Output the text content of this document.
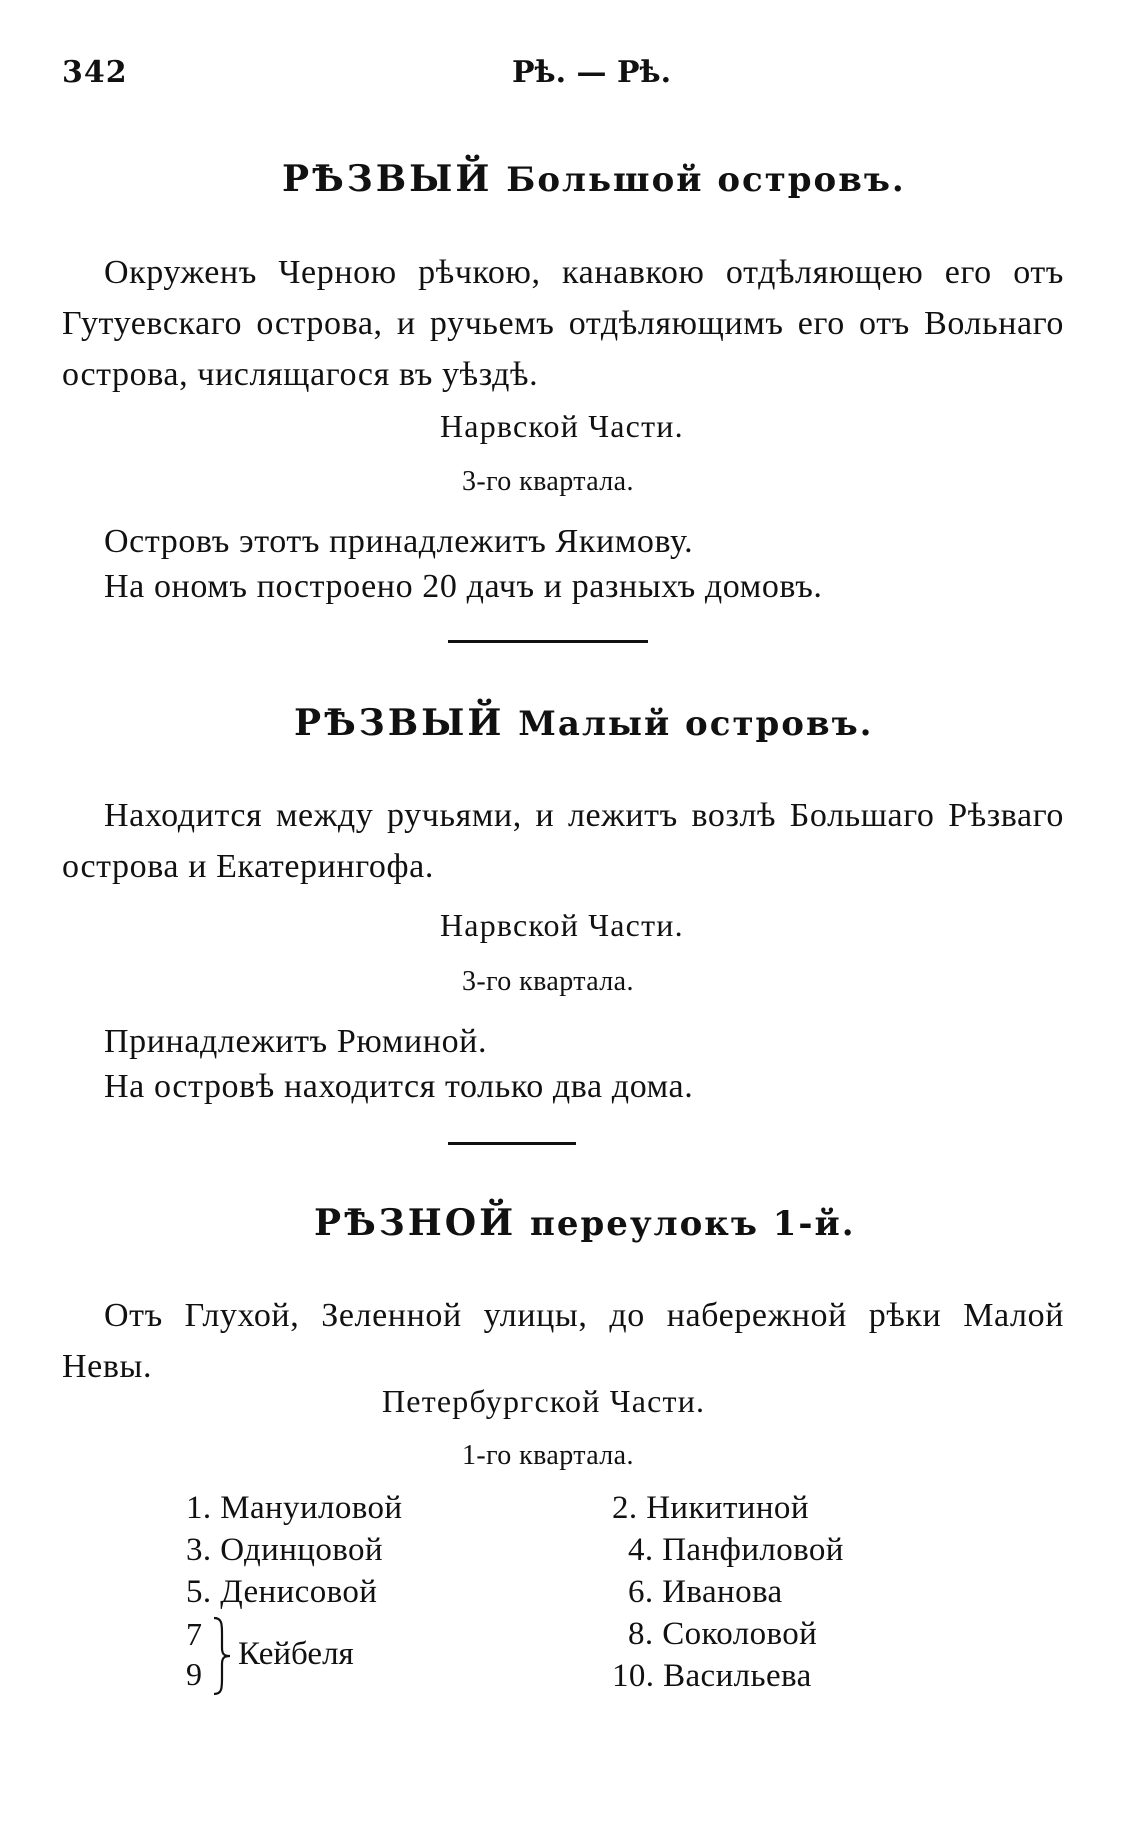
342	Рѣ. — Рѣ.
РѢЗВЫЙ Большой островъ.
Окруженъ Черною рѣчкою, канавкою отдѣляющею его отъ Гутуевскаго острова, и ручьемъ отдѣляющимъ его отъ Вольнаго острова, числящагося въ уѣздѣ.
Нарвской Части.
3-го квартала.
Островъ этотъ принадлежитъ Якимову.
На ономъ построено 20 дачъ и разныхъ домовъ.
РѢЗВЫЙ Малый островъ.
Находится между ручьями, и лежитъ возлѣ Большаго Рѣзваго острова и Екатерингофа.
Нарвской Части.
3-го квартала.
Принадлежитъ Рюминой.
На островѣ находится только два дома.
РѢЗНОЙ переулокъ 1-й.
Отъ Глухой, Зеленной улицы, до набережной рѣки Малой Невы.
Петербургской Части.
1-го квартала.
1. Мануиловой
3. Одинцовой
5. Денисовой
7
9
Кейбеля
2. Никитиной
4. Панфиловой
6. Иванова
8. Соколовой
10. Васильева
